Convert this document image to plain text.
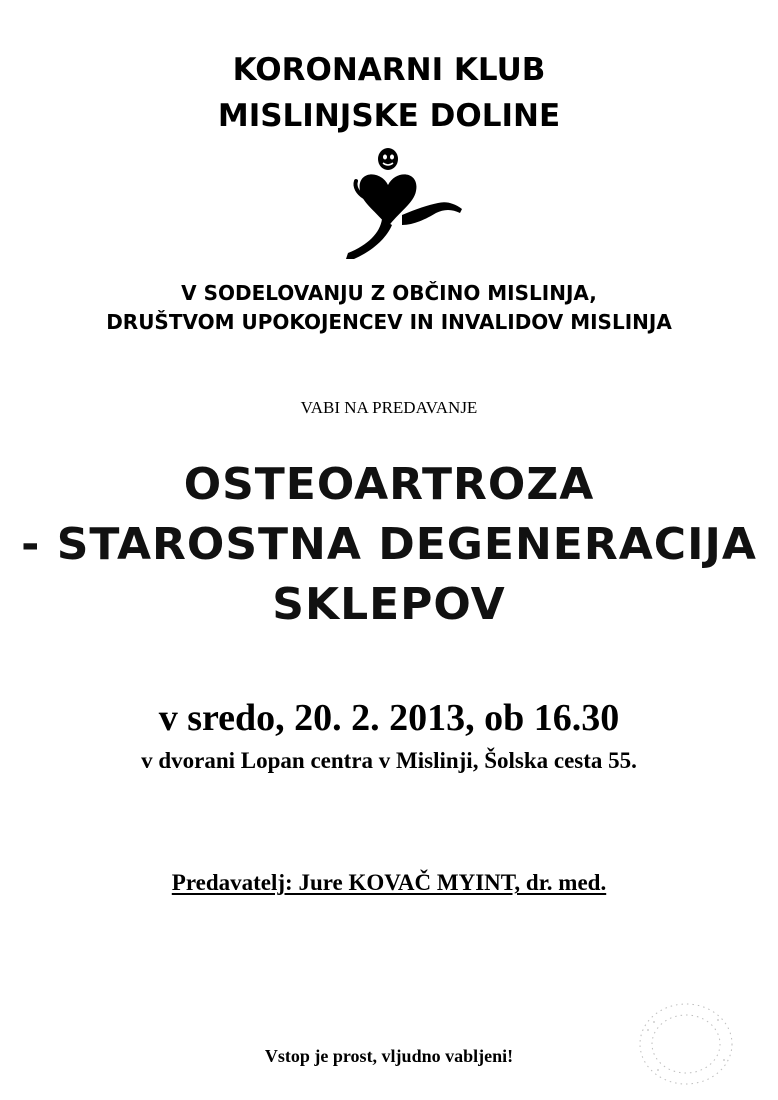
KORONARNI KLUB
MISLINJSKE DOLINE

V SODELOVANJU Z OBČINO MISLINJA,

DRUŠTVOM UPOKOJENCEV IN INVALIDOV MISLINJA

VABI NA PREDAVANJE

OSTEOARTROZA
- STAROSTNA DEGENERACIJA
SKLEPOV

v sredo, 20. 2. 2013, ob 16.30

v dvorani Lopan centra v Mislinji, Šolska cesta 55.

Predavatelj: Jure KOVAČ MYINT, dr. med.

Vstop je prost, vljudno vabljeni!
